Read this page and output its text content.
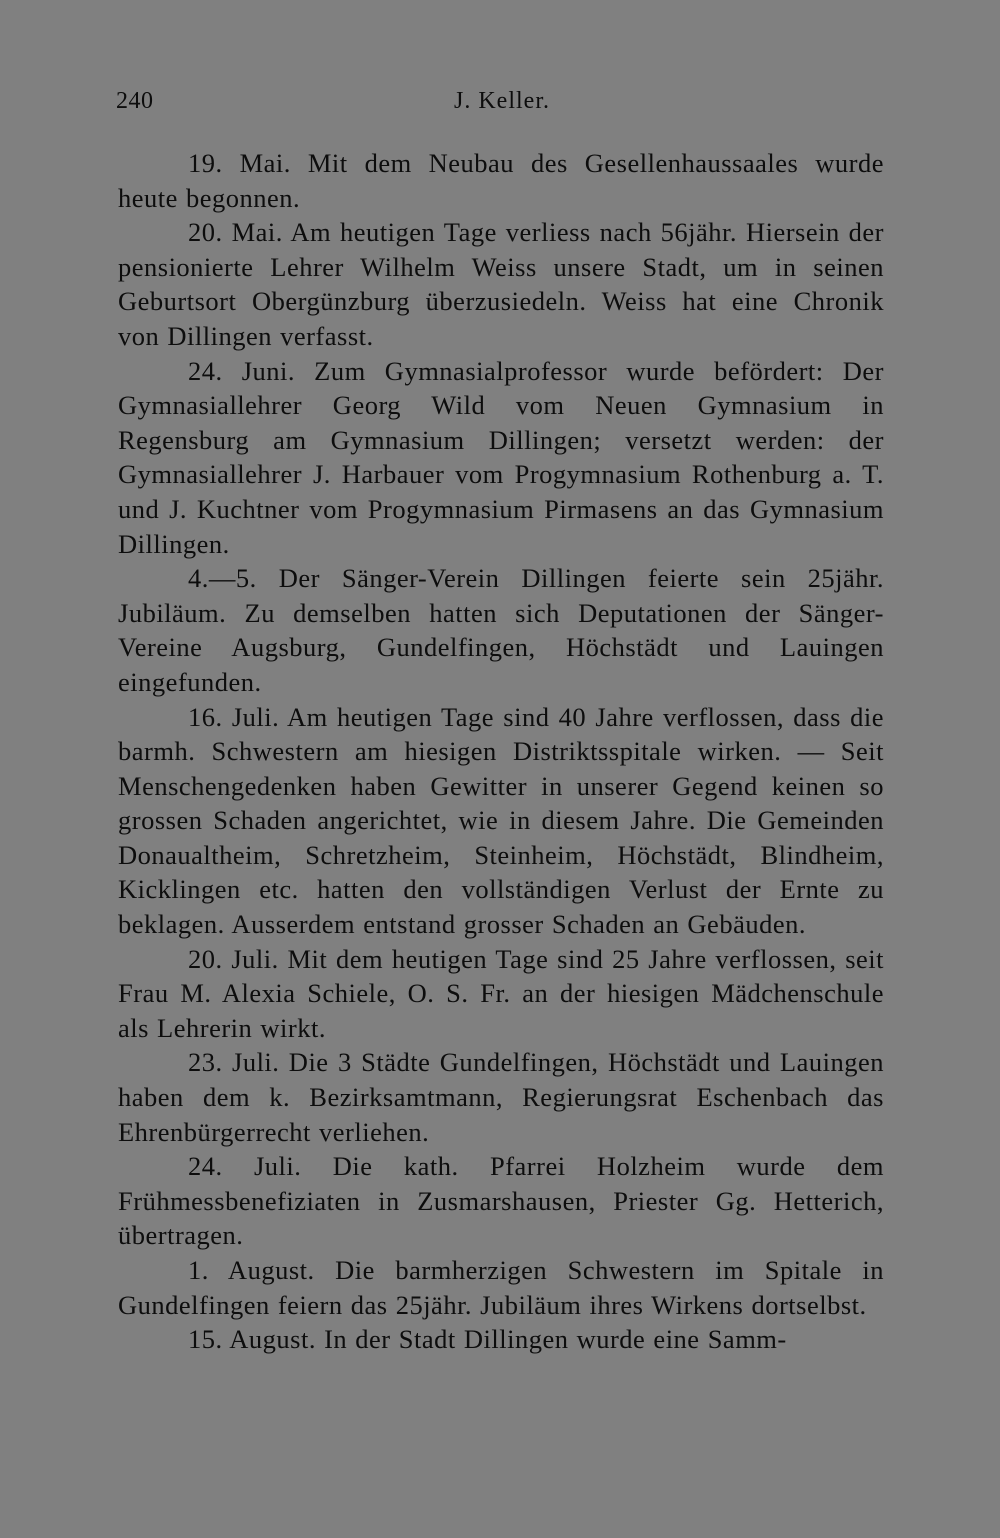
240	J. Keller.

19. Mai. Mit dem Neubau des Gesellenhaussaales wurde heute begonnen.

20. Mai. Am heutigen Tage verliess nach 56jähr. Hiersein der pensionierte Lehrer Wilhelm Weiss unsere Stadt, um in seinen Geburtsort Obergünzburg überzusiedeln. Weiss hat eine Chronik von Dillingen verfasst.

24. Juni. Zum Gymnasialprofessor wurde befördert: Der Gymnasiallehrer Georg Wild vom Neuen Gymnasium in Regensburg am Gymnasium Dillingen; versetzt werden: der Gymnasiallehrer J. Harbauer vom Progymnasium Rothenburg a. T. und J. Kuchtner vom Progymnasium Pirmasens an das Gymnasium Dillingen.

4.—5. Der Sänger-Verein Dillingen feierte sein 25jähr. Jubiläum. Zu demselben hatten sich Deputationen der Sänger-Vereine Augsburg, Gundelfingen, Höchstädt und Lauingen eingefunden.

16. Juli. Am heutigen Tage sind 40 Jahre verflossen, dass die barmh. Schwestern am hiesigen Distriktsspitale wirken. — Seit Menschengedenken haben Gewitter in unserer Gegend keinen so grossen Schaden angerichtet, wie in diesem Jahre. Die Gemeinden Donaualtheim, Schretzheim, Steinheim, Höchstädt, Blindheim, Kicklingen etc. hatten den vollständigen Verlust der Ernte zu beklagen. Ausserdem entstand grosser Schaden an Gebäuden.

20. Juli. Mit dem heutigen Tage sind 25 Jahre verflossen, seit Frau M. Alexia Schiele, O. S. Fr. an der hiesigen Mädchenschule als Lehrerin wirkt.

23. Juli. Die 3 Städte Gundelfingen, Höchstädt und Lauingen haben dem k. Bezirksamtmann, Regierungsrat Eschenbach das Ehrenbürgerrecht verliehen.

24. Juli. Die kath. Pfarrei Holzheim wurde dem Frühmessbenefiziaten in Zusmarshausen, Priester Gg. Hetterich, übertragen.

1. August. Die barmherzigen Schwestern im Spitale in Gundelfingen feiern das 25jähr. Jubiläum ihres Wirkens dortselbst.

15. August. In der Stadt Dillingen wurde eine Samm-
